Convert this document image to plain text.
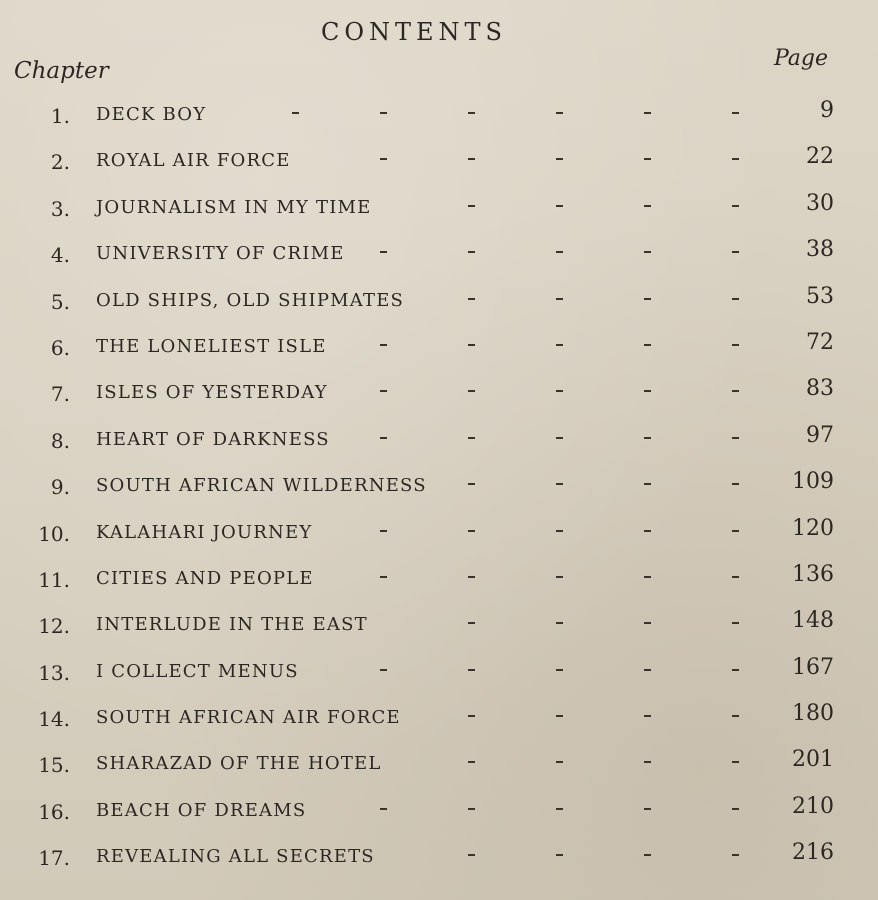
CONTENTS
Chapter	Page
1. DECK BOY	9
2. ROYAL AIR FORCE	22
3. JOURNALISM IN MY TIME	30
4. UNIVERSITY OF CRIME	38
5. OLD SHIPS, OLD SHIPMATES	53
6. THE LONELIEST ISLE	72
7. ISLES OF YESTERDAY	83
8. HEART OF DARKNESS	97
9. SOUTH AFRICAN WILDERNESS	109
10. KALAHARI JOURNEY	120
11. CITIES AND PEOPLE	136
12. INTERLUDE IN THE EAST	148
13. I COLLECT MENUS	167
14. SOUTH AFRICAN AIR FORCE	180
15. SHARAZAD OF THE HOTEL	201
16. BEACH OF DREAMS	210
17. REVEALING ALL SECRETS	216
